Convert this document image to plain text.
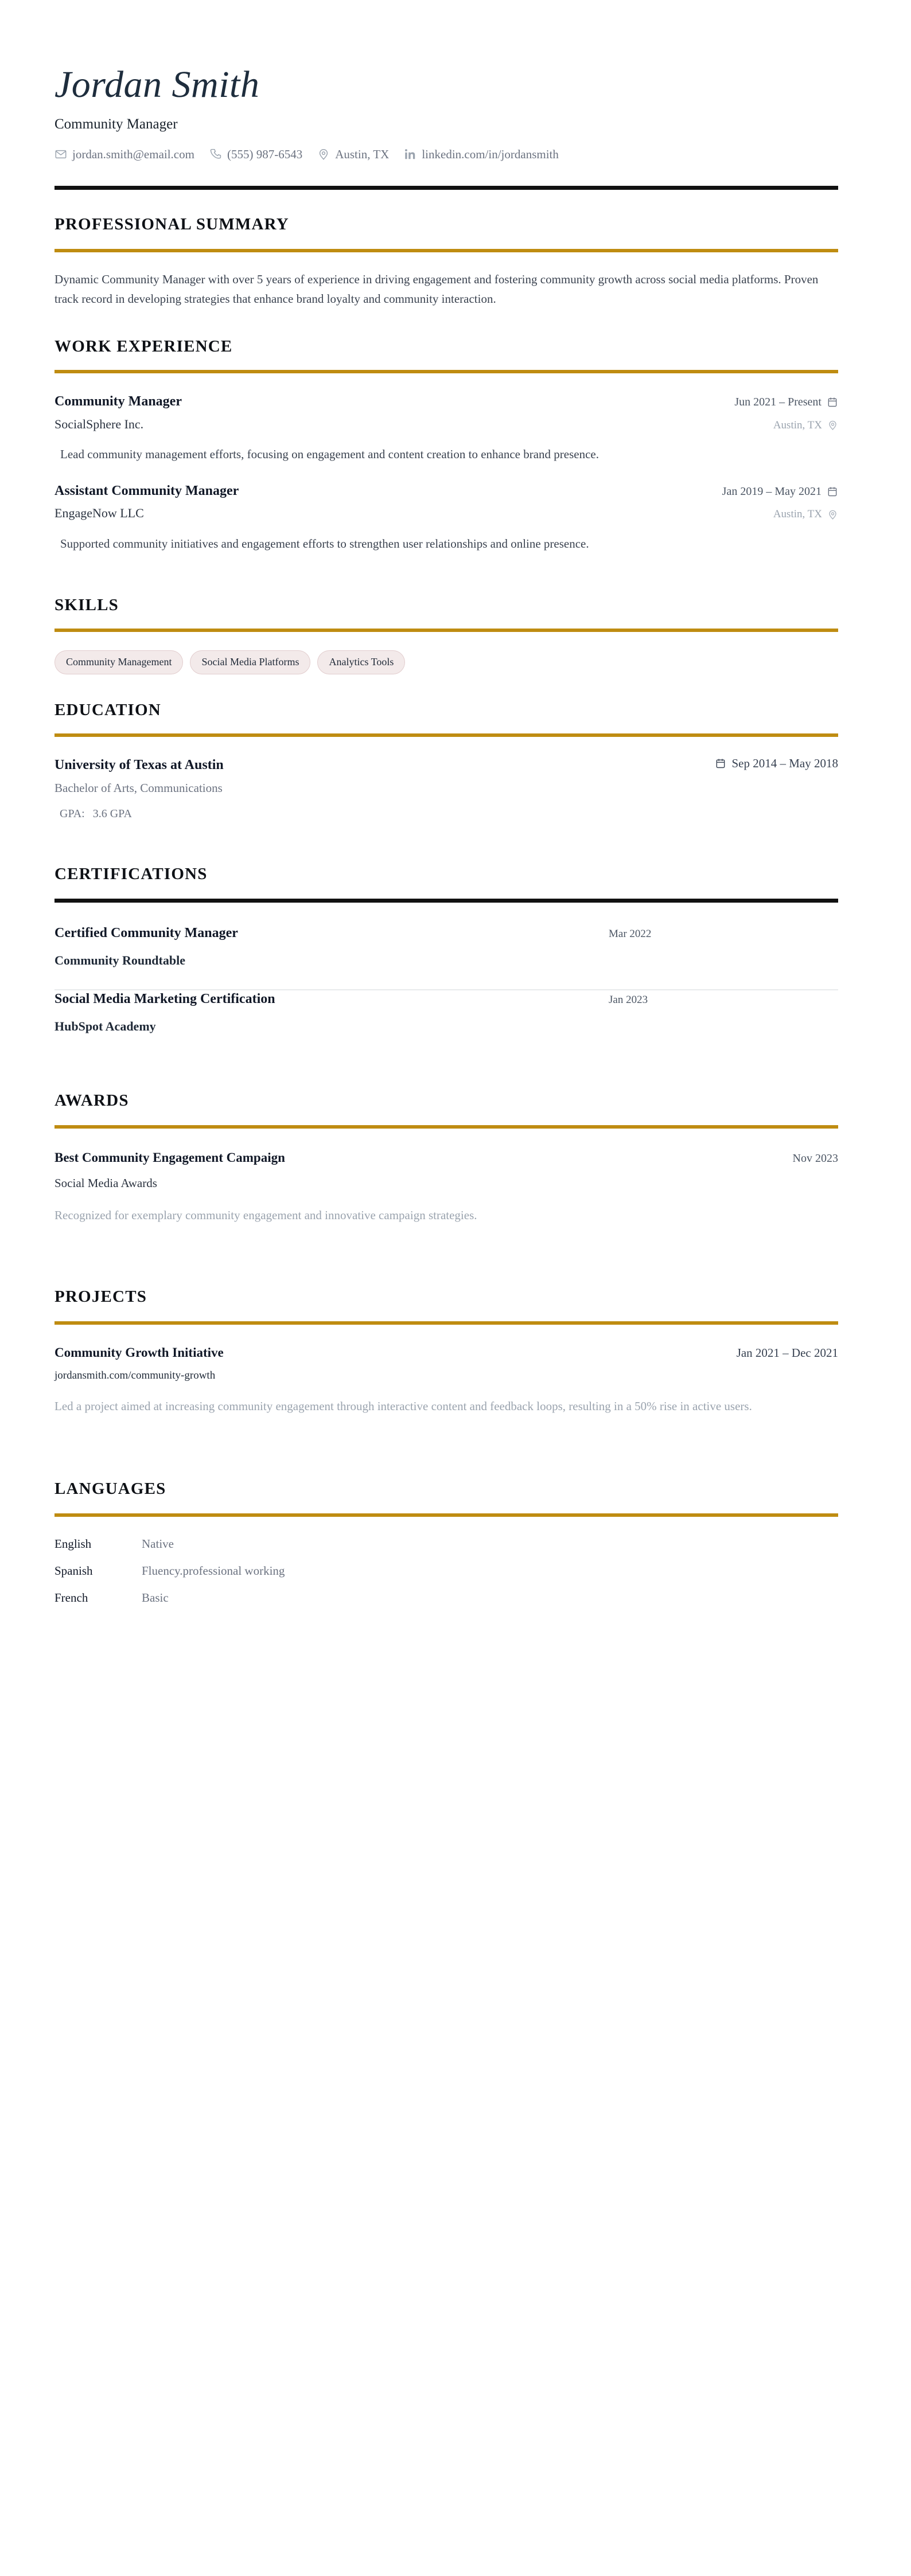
Jordan Smith
Community Manager
jordan.smith@email.com	(555) 987-6543	Austin, TX	linkedin.com/in/jordansmith
PROFESSIONAL SUMMARY

Dynamic Community Manager with over 5 years of experience in driving engagement and fostering community growth across social media platforms. Proven track record in developing strategies that enhance brand loyalty and community interaction.

WORK EXPERIENCE
Community Manager	Jun 2021 – Present
SocialSphere Inc.	Austin, TX

Lead community management efforts, focusing on engagement and content creation to enhance brand presence.

Assistant Community Manager	Jan 2019 – May 2021
EngageNow LLC	Austin, TX

Supported community initiatives and engagement efforts to strengthen user relationships and online presence.

SKILLS
Community Management	Social Media Platforms	Analytics Tools
EDUCATION
University of Texas at Austin	Sep 2014 – May 2018
Bachelor of Arts, Communications
GPA: 3.6 GPA
CERTIFICATIONS
Certified Community Manager	Mar 2022
Community Roundtable
Social Media Marketing Certification	Jan 2023
HubSpot Academy
AWARDS
Best Community Engagement Campaign	Nov 2023
Social Media Awards

Recognized for exemplary community engagement and innovative campaign strategies.

PROJECTS
Community Growth Initiative	Jan 2021 – Dec 2021
jordansmith.com/community-growth

Led a project aimed at increasing community engagement through interactive content and feedback loops, resulting in a 50% rise in active users.

LANGUAGES
English	Native
Spanish	Fluency.professional working
French	Basic
